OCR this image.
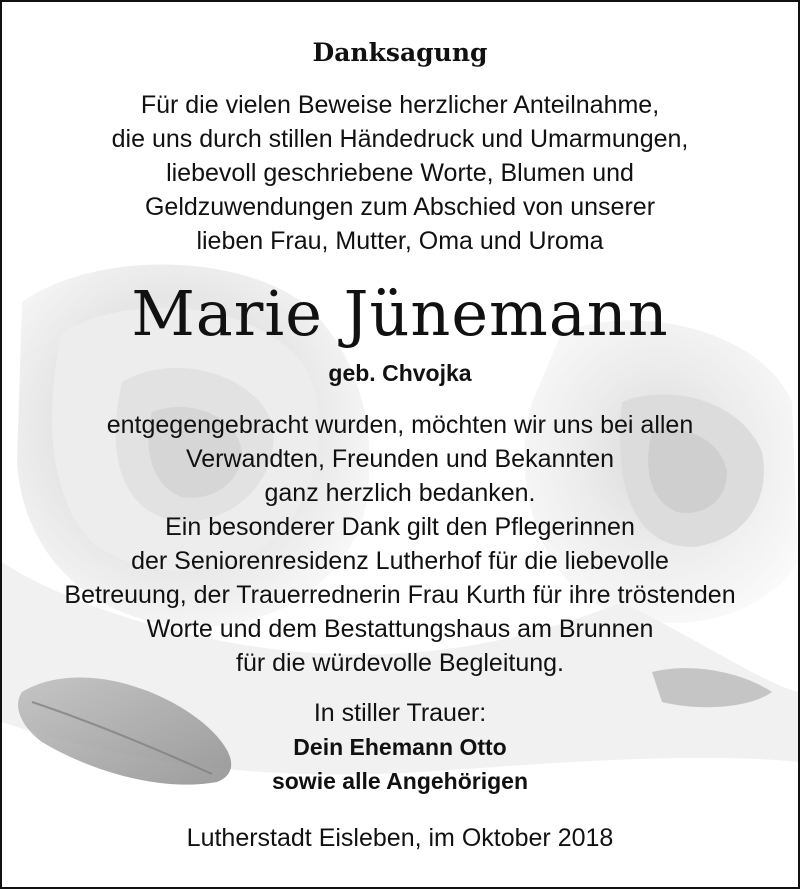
Danksagung
Für die vielen Beweise herzlicher Anteilnahme,
die uns durch stillen Händedruck und Umarmungen,
liebevoll geschriebene Worte, Blumen und
Geldzuwendungen zum Abschied von unserer
lieben Frau, Mutter, Oma und Uroma
Marie Jünemann
geb. Chvojka
entgegengebracht wurden, möchten wir uns bei allen
Verwandten, Freunden und Bekannten
ganz herzlich bedanken.
Ein besonderer Dank gilt den Pflegerinnen
der Seniorenresidenz Lutherhof für die liebevolle
Betreuung, der Trauerrednerin Frau Kurth für ihre tröstenden
Worte und dem Bestattungshaus am Brunnen
für die würdevolle Begleitung.
In stiller Trauer:
Dein Ehemann Otto
sowie alle Angehörigen
Lutherstadt Eisleben, im Oktober 2018
